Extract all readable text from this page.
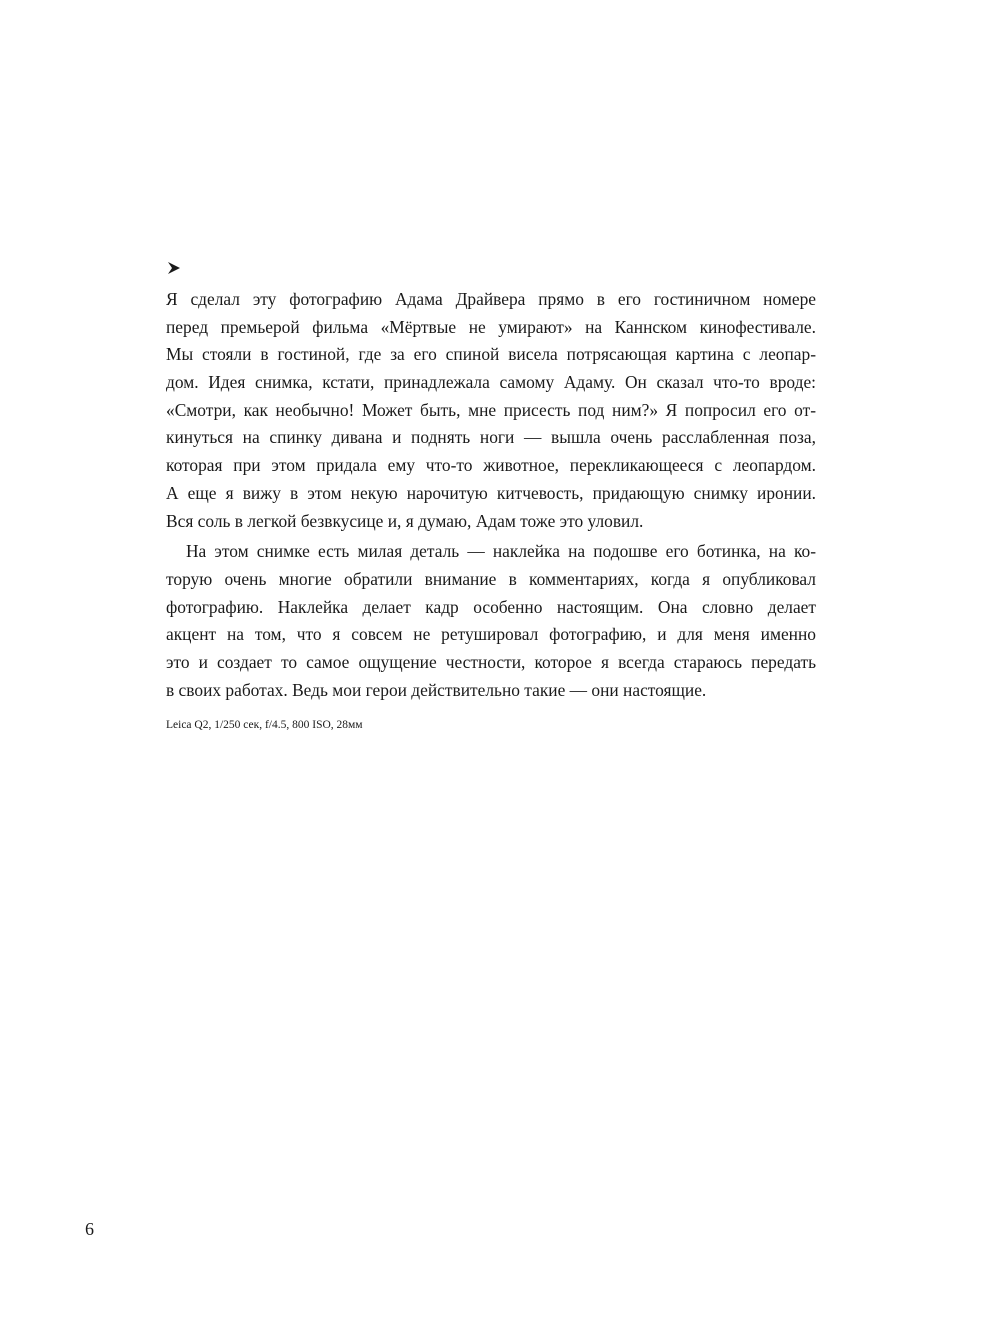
Я сделал эту фотографию Адама Драйвера прямо в его гостиничном номере
перед премьерой фильма «Мёртвые не умирают» на Каннском кинофестивале.
Мы стояли в гостиной, где за его спиной висела потрясающая картина с леопар-
дом. Идея снимка, кстати, принадлежала самому Адаму. Он сказал что-то вроде:
«Смотри, как необычно! Может быть, мне присесть под ним?» Я попросил его от-
кинуться на спинку дивана и поднять ноги — вышла очень расслабленная поза,
которая при этом придала ему что-то животное, перекликающееся с леопардом.
А еще я вижу в этом некую нарочитую китчевость, придающую снимку иронии.
Вся соль в легкой безвкусице и, я думаю, Адам тоже это уловил.
На этом снимке есть милая деталь — наклейка на подошве его ботинка, на ко-
торую очень многие обратили внимание в комментариях, когда я опубликовал
фотографию. Наклейка делает кадр особенно настоящим. Она словно делает
акцент на том, что я совсем не ретушировал фотографию, и для меня именно
это и создает то самое ощущение честности, которое я всегда стараюсь передать
в своих работах. Ведь мои герои действительно такие — они настоящие.
Leica Q2, 1/250 сек, f/4.5, 800 ISO, 28мм
6
